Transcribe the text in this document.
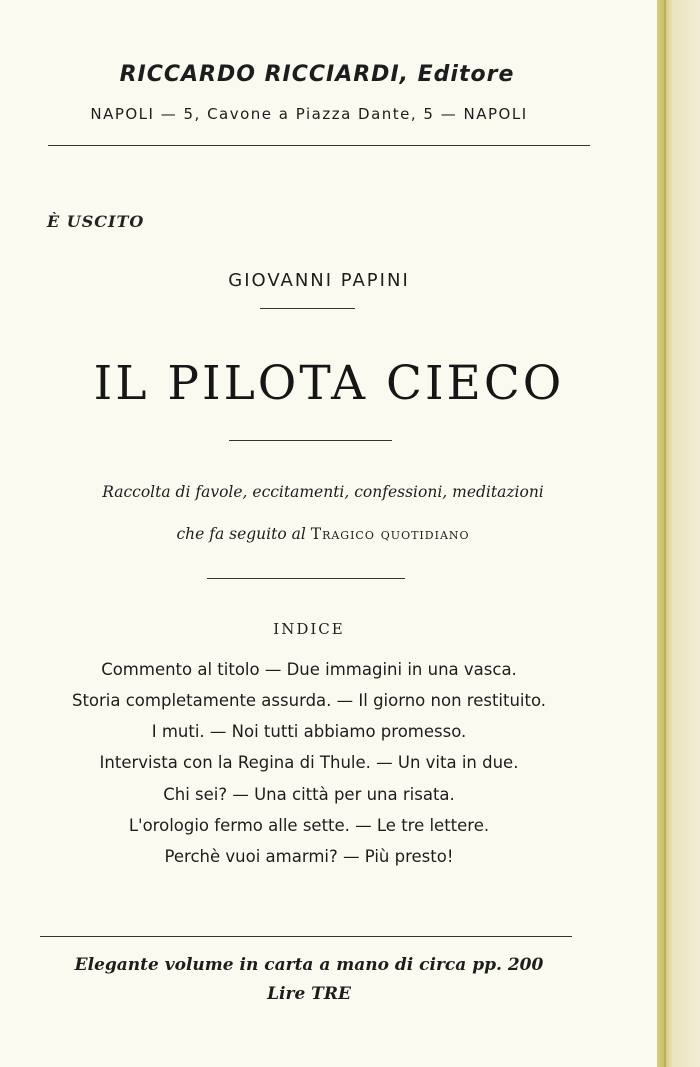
RICCARDO RICCIARDI, Editore
NAPOLI — 5, Cavone a Piazza Dante, 5 — NAPOLI
È USCITO
GIOVANNI PAPINI
IL PILOTA CIECO
Raccolta di favole, eccitamenti, confessioni, meditazioni
che fa seguito al Tragico quotidiano
INDICE
Commento al titolo — Due immagini in una vasca.
Storia completamente assurda. — Il giorno non restituito.
I muti. — Noi tutti abbiamo promesso.
Intervista con la Regina di Thule. — Un vita in due.
Chi sei? — Una città per una risata.
L'orologio fermo alle sette. — Le tre lettere.
Perchè vuoi amarmi? — Più presto!
Elegante volume in carta a mano di circa pp. 200
Lire TRE
